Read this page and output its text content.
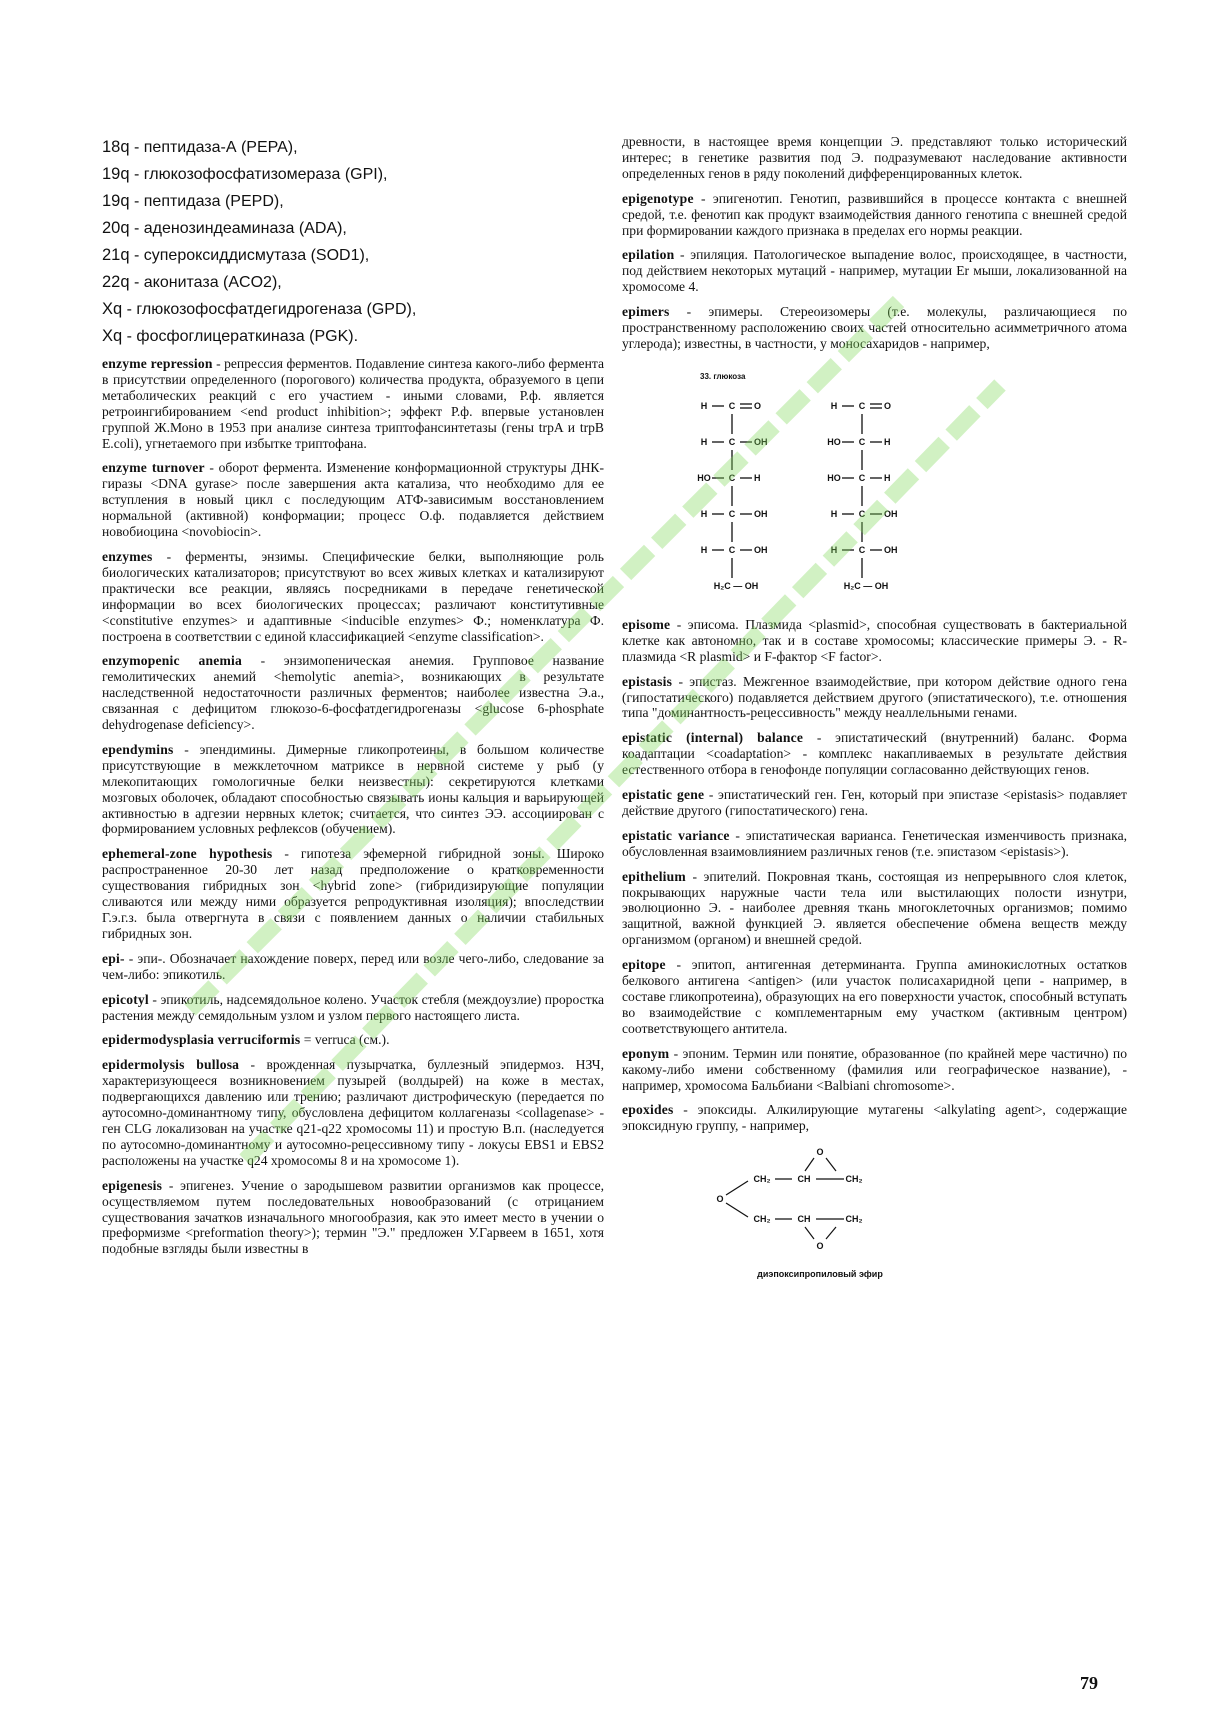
18q - пептидаза-А (PEPA),
19q - глюкозофосфатизомераза (GPI),
19q - пептидаза (PEPD),
20q - аденозиндеаминаза (ADA),
21q - супероксиддисмутаза (SOD1),
22q - аконитаза (ACO2),
Xq - глюкозофосфатдегидрогеназа (GPD),
Xq - фосфоглицераткиназа (PGK).

enzyme repression - репрессия ферментов. Подавление синтеза какого-либо фермента в присутствии определенного (порогового) количества продукта, образуемого в цепи метаболических реакций с его участием - иными словами, Р.ф. является ретроингибированием <end product inhibition>; эффект Р.ф. впервые установлен группой Ж.Моно в 1953 при анализе синтеза триптофансинтетазы (гены trpA и trpB E.coli), угнетаемого при избытке триптофана.

enzyme turnover - оборот фермента. Изменение конформационной структуры ДНК-гиразы <DNA gyrase> после завершения акта катализа, что необходимо для ее вступления в новый цикл с последующим АТФ-зависимым восстановлением нормальной (активной) конформации; процесс О.ф. подавляется действием новобиоцина <novobiocin>.

enzymes - ферменты, энзимы. Специфические белки, выполняющие роль биологических катализаторов; присутствуют во всех живых клетках и катализируют практически все реакции, являясь посредниками в передаче генетической информации во всех биологических процессах; различают конститутивные <constitutive enzymes> и адаптивные <inducible enzymes> Ф.; номенклатура Ф. построена в соответствии с единой классификацией <enzyme classification>.

enzymopenic anemia - энзимопеническая анемия. Групповое название гемолитических анемий <hemolytic anemia>, возникающих в результате наследственной недостаточности различных ферментов; наиболее известна Э.а., связанная с дефицитом глюкозо-6-фосфатдегидрогеназы <glucose 6-phosphate dehydrogenase deficiency>.

ependymins - эпендимины. Димерные гликопротеины, в большом количестве присутствующие в межклеточном матриксе в нервной системе у рыб (у млекопитающих гомологичные белки неизвестны): секретируются клетками мозговых оболочек, обладают способностью связывать ионы кальция и варьирующей активностью в адгезии нервных клеток; считается, что синтез ЭЭ. ассоциирован с формированием условных рефлексов (обучением).

ephemeral-zone hypothesis - гипотеза эфемерной гибридной зоны. Широко распространенное 20-30 лет назад предположение о кратковременности существования гибридных зон <hybrid zone> (гибридизирующие популяции сливаются или между ними образуется репродуктивная изоляция); впоследствии Г.э.г.з. была отвергнута в связи с появлением данных о наличии стабильных гибридных зон.

epi- - эпи-. Обозначает нахождение поверх, перед или возле чего-либо, следование за чем-либо: эпикотиль.

epicotyl - эпикотиль, надсемядольное колено. Участок стебля (междоузлие) проростка растения между семядольным узлом и узлом первого настоящего листа.

epidermodysplasia verruciformis = verruca (см.).

epidermolysis bullosa - врожденная пузырчатка, буллезный эпидермоз. НЗЧ, характеризующееся возникновением пузырей (волдырей) на коже в местах, подвергающихся давлению или трению; различают дистрофическую (передается по аутосомно-доминантному типу, обусловлена дефицитом коллагеназы <collagenase> - ген CLG локализован на участке q21-q22 хромосомы 11) и простую В.п. (наследуется по аутосомно-доминантному и аутосомно-рецессивному типу - локусы EBS1 и EBS2 расположены на участке q24 хромосомы 8 и на хромосоме 1).

epigenesis - эпигенез. Учение о зародышевом развитии организмов как процессе, осуществляемом путем последовательных новообразований (с отрицанием существования зачатков изначального многообразия, как это имеет место в учении о преформизме <preformation theory>); термин "Э." предложен У.Гарвеем в 1651, хотя подобные взгляды были известны в

древности, в настоящее время концепции Э. представляют только исторический интерес; в генетике развития под Э. подразумевают наследование активности определенных генов в ряду поколений дифференцированных клеток.

epigenotype - эпигенотип. Генотип, развившийся в процессе контакта с внешней средой, т.е. фенотип как продукт взаимодействия данного генотипа с внешней средой при формировании каждого признака в пределах его нормы реакции.

epilation - эпиляция. Патологическое выпадение волос, происходящее, в частности, под действием некоторых мутаций - например, мутации Er мыши, локализованной на хромосоме 4.

epimers - эпимеры. Стереоизомеры (т.е. молекулы, различающиеся по пространственному расположению своих частей относительно асимметричного атома углерода); известны, в частности, у моносахаридов - например,

33. глюкоза
H C O
H C OH
HO C H
H C OH
H C OH
H₂C — OH
H C O
HO C H
HO C H
H C OH
H C OH
H₂C — OH

episome - эписома. Плазмида <plasmid>, способная существовать в бактериальной клетке как автономно, так и в составе хромосомы; классические примеры Э. - R-плазмида <R plasmid> и F-фактор <F factor>.

epistasis - эпистаз. Межгенное взаимодействие, при котором действие одного гена (гипостатического) подавляется действием другого (эпистатического), т.е. отношения типа "доминантность-рецессивность" между неаллельными генами.

epistatic (internal) balance - эпистатический (внутренний) баланс. Форма коадаптации <coadaptation> - комплекс накапливаемых в результате действия естественного отбора в генофонде популяции согласованно действующих генов.

epistatic gene - эпистатический ген. Ген, который при эпистазе <epistasis> подавляет действие другого (гипостатического) гена.

epistatic variance - эпистатическая варианса. Генетическая изменчивость признака, обусловленная взаимовлиянием различных генов (т.е. эпистазом <epistasis>).

epithelium - эпителий. Покровная ткань, состоящая из непрерывного слоя клеток, покрывающих наружные части тела или выстилающих полости изнутри, эволюционно Э. - наиболее древняя ткань многоклеточных организмов; помимо защитной, важной функцией Э. является обеспечение обмена веществ между организмом (органом) и внешней средой.

epitope - эпитоп, антигенная детерминанта. Группа аминокислотных остатков белкового антигена <antigen> (или участок полисахаридной цепи - например, в составе гликопротеина), образующих на его поверхности участок, способный вступать во взаимодействие с комплементарным ему участком (активным центром) соответствующего антитела.

eponym - эпоним. Термин или понятие, образованное (по крайней мере частично) по какому-либо имени собственному (фамилия или географическое название), - например, хромосома Бальбиани <Balbiani chromosome>.

epoxides - эпоксиды. Алкилирующие мутагены <alkylating agent>, содержащие эпоксидную группу, - например,

O
CH₂	CH	CH₂
O
CH₂	CH	CH₂
O
диэпоксипропиловый эфир
79
